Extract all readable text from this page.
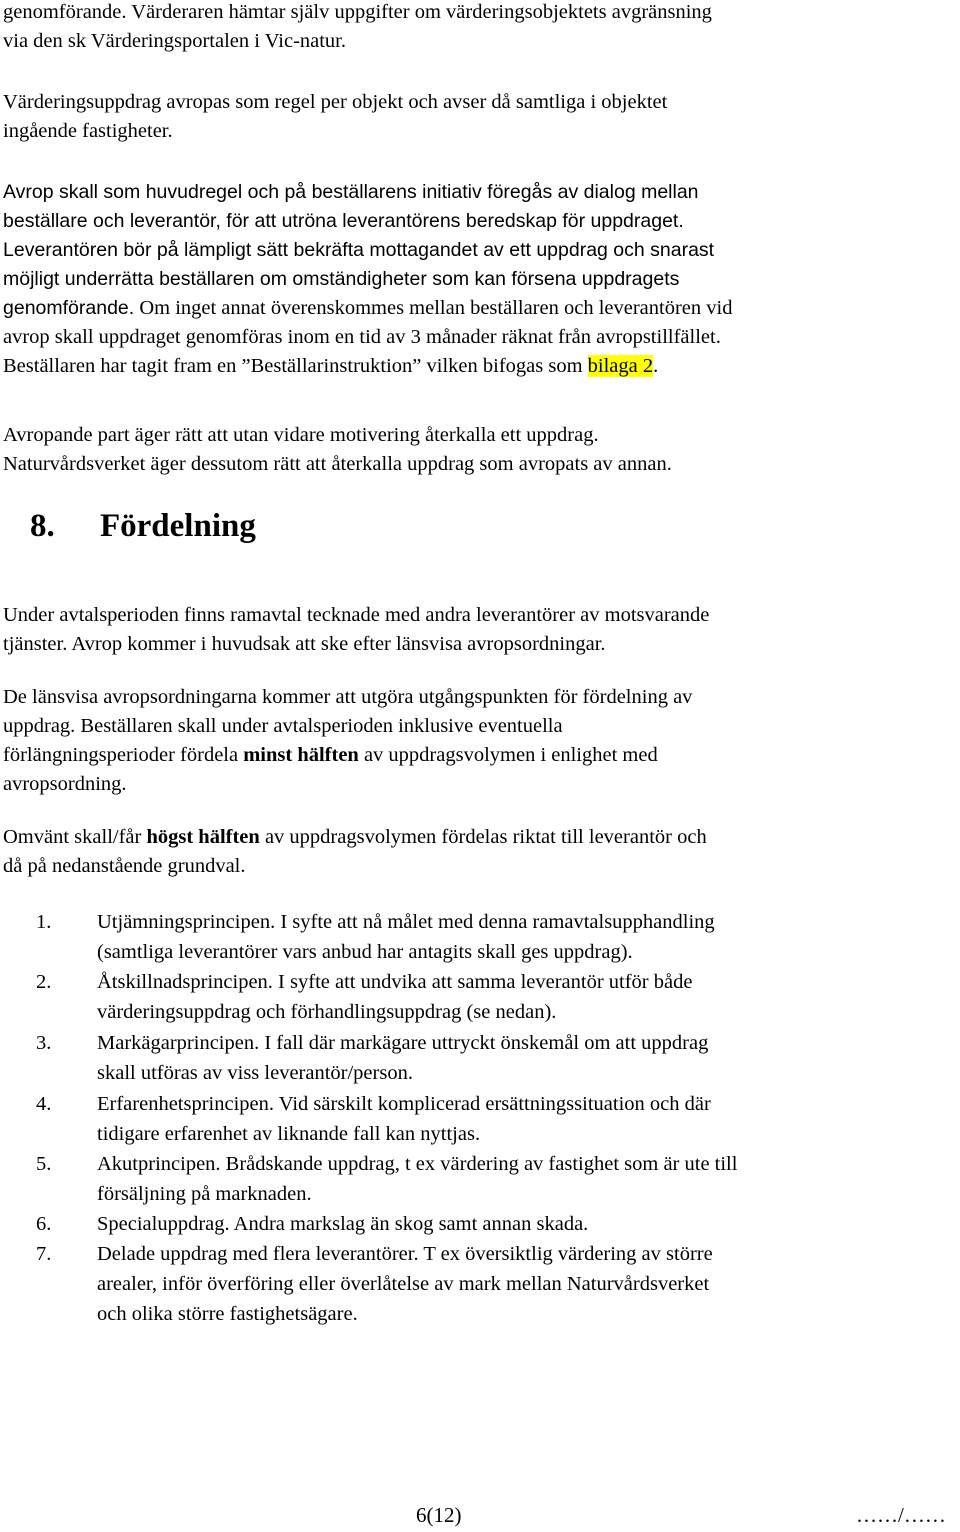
genomförande. Värderaren hämtar själv uppgifter om värderingsobjektets avgränsning
via den sk Värderingsportalen i Vic-natur.
Värderingsuppdrag avropas som regel per objekt och avser då samtliga i objektet
ingående fastigheter.
Avrop skall som huvudregel och på beställarens initiativ föregås av dialog mellan
beställare och leverantör, för att utröna leverantörens beredskap för uppdraget.
Leverantören bör på lämpligt sätt bekräfta mottagandet av ett uppdrag och snarast
möjligt underrätta beställaren om omständigheter som kan försena uppdragets
genomförande. Om inget annat överenskommes mellan beställaren och leverantören vid
avrop skall uppdraget genomföras inom en tid av 3 månader räknat från avropstillfället.
Beställaren har tagit fram en ”Beställarinstruktion” vilken bifogas som bilaga 2.
Avropande part äger rätt att utan vidare motivering återkalla ett uppdrag.
Naturvårdsverket äger dessutom rätt att återkalla uppdrag som avropats av annan.
8. Fördelning
Under avtalsperioden finns ramavtal tecknade med andra leverantörer av motsvarande
tjänster. Avrop kommer i huvudsak att ske efter länsvisa avropsordningar.
De länsvisa avropsordningarna kommer att utgöra utgångspunkten för fördelning av
uppdrag. Beställaren skall under avtalsperioden inklusive eventuella
förlängningsperioder fördela minst hälften av uppdragsvolymen i enlighet med
avropsordning.
Omvänt skall/får högst hälften av uppdragsvolymen fördelas riktat till leverantör och
då på nedanstående grundval.
1. Utjämningsprincipen. I syfte att nå målet med denna ramavtalsupphandling
(samtliga leverantörer vars anbud har antagits skall ges uppdrag).
2. Åtskillnadsprincipen. I syfte att undvika att samma leverantör utför både
värderingsuppdrag och förhandlingsuppdrag (se nedan).
3. Markägarprincipen. I fall där markägare uttryckt önskemål om att uppdrag
skall utföras av viss leverantör/person.
4. Erfarenhetsprincipen. Vid särskilt komplicerad ersättningssituation och där
tidigare erfarenhet av liknande fall kan nyttjas.
5. Akutprincipen. Brådskande uppdrag, t ex värdering av fastighet som är ute till
försäljning på marknaden.
6. Specialuppdrag. Andra markslag än skog samt annan skada.
7. Delade uppdrag med flera leverantörer. T ex översiktlig värdering av större
arealer, inför överföring eller överlåtelse av mark mellan Naturvårdsverket
och olika större fastighetsägare.
6(12)	……/……
